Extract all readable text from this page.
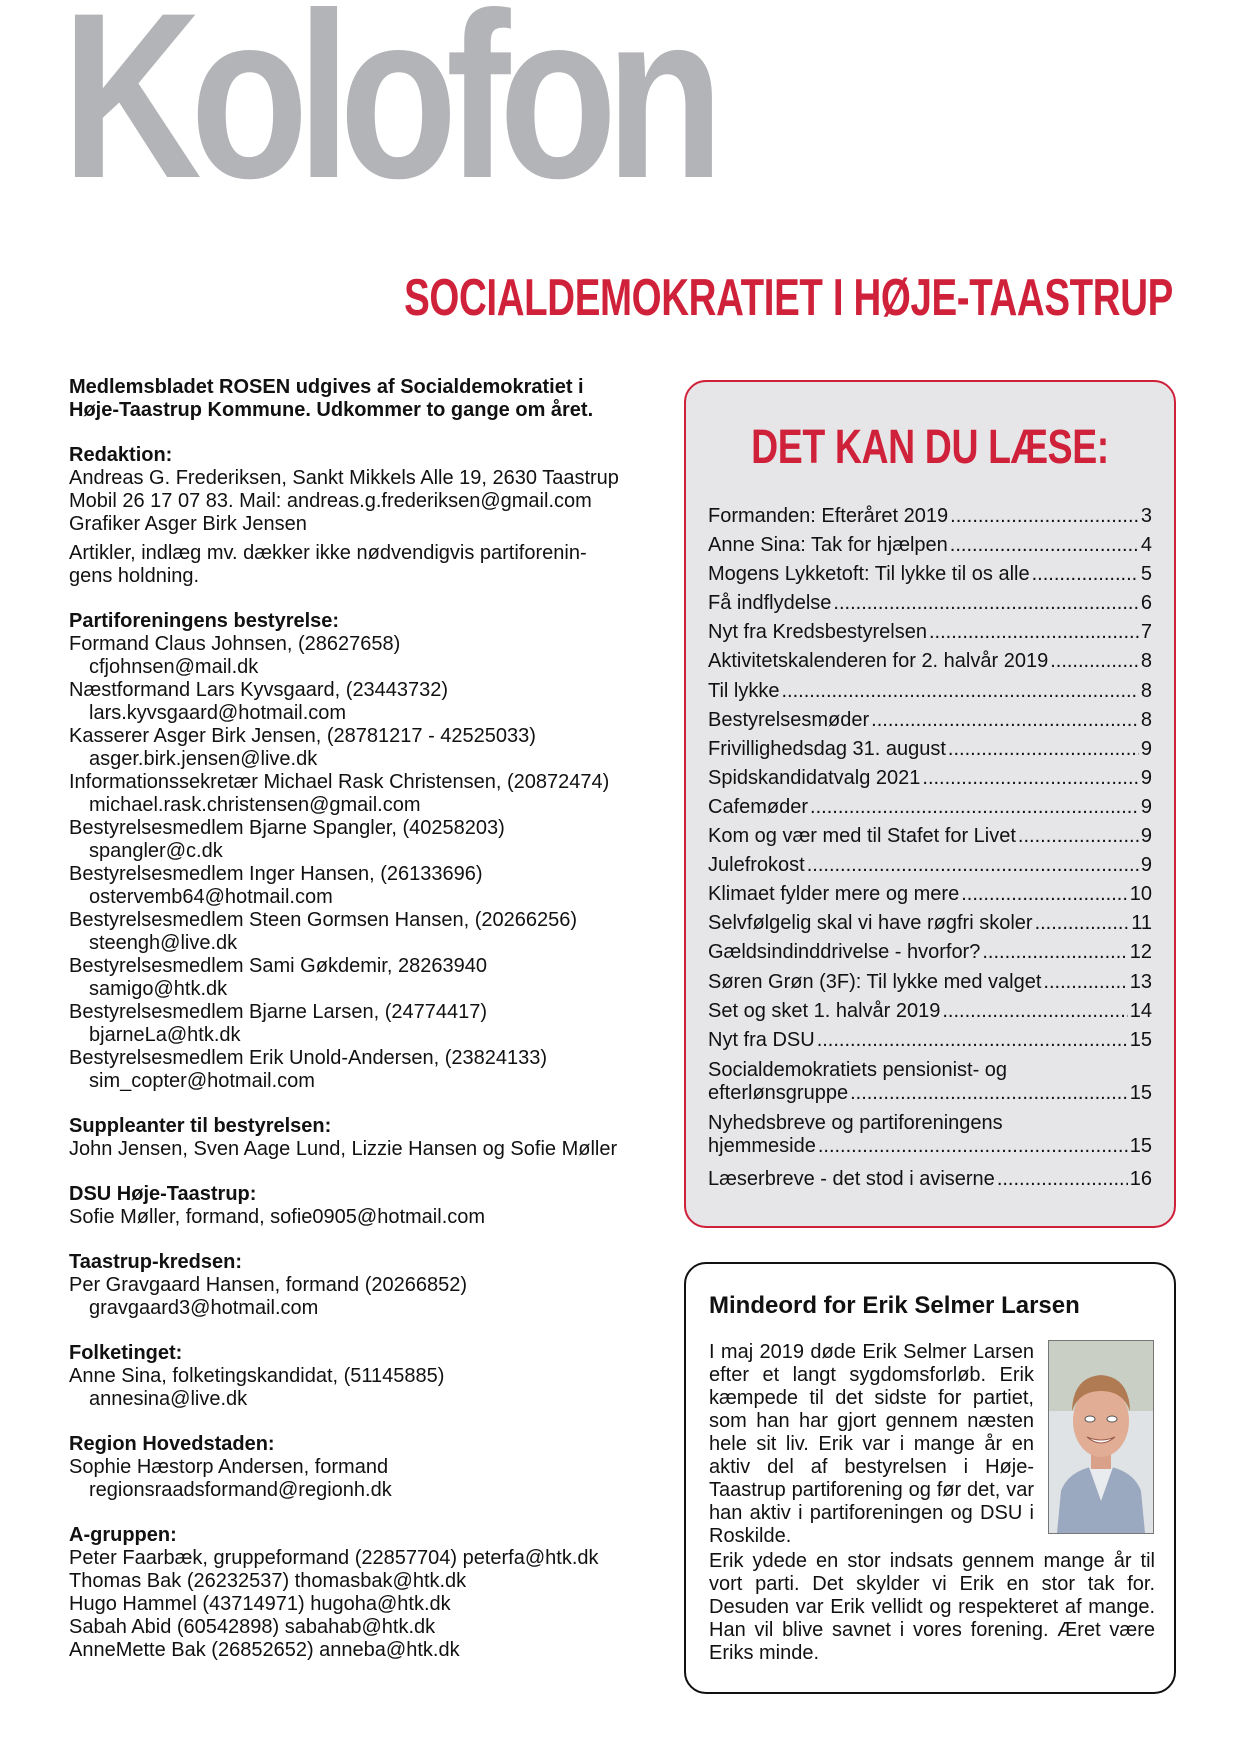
Kolofon
SOCIALDEMOKRATIET I HØJE-TAASTRUP

Medlemsbladet ROSEN udgives af Socialdemokratiet i

Høje-Taastrup Kommune. Udkommer to gange om året.

Redaktion:

Andreas G. Frederiksen, Sankt Mikkels Alle 19, 2630 Taastrup

Mobil 26 17 07 83. Mail: andreas.g.frederiksen@gmail.com

Grafiker Asger Birk Jensen

Artikler, indlæg mv. dækker ikke nødvendigvis partiforenin-

gens holdning.

Partiforeningens bestyrelse:

Formand Claus Johnsen, (28627658)

cfjohnsen@mail.dk

Næstformand Lars Kyvsgaard, (23443732)

lars.kyvsgaard@hotmail.com

Kasserer Asger Birk Jensen, (28781217 - 42525033)

asger.birk.jensen@live.dk

Informationssekretær Michael Rask Christensen, (20872474)

michael.rask.christensen@gmail.com

Bestyrelsesmedlem Bjarne Spangler, (40258203)

spangler@c.dk

Bestyrelsesmedlem Inger Hansen, (26133696)

ostervemb64@hotmail.com

Bestyrelsesmedlem Steen Gormsen Hansen, (20266256)

steengh@live.dk

Bestyrelsesmedlem Sami Gøkdemir, 28263940

samigo@htk.dk

Bestyrelsesmedlem Bjarne Larsen, (24774417)

bjarneLa@htk.dk

Bestyrelsesmedlem Erik Unold-Andersen, (23824133)

sim_copter@hotmail.com

Suppleanter til bestyrelsen:

John Jensen, Sven Aage Lund, Lizzie Hansen og Sofie Møller

DSU Høje-Taastrup:

Sofie Møller, formand, sofie0905@hotmail.com

Taastrup-kredsen:

Per Gravgaard Hansen, formand (20266852)

gravgaard3@hotmail.com

Folketinget:

Anne Sina, folketingskandidat, (51145885)

annesina@live.dk

Region Hovedstaden:

Sophie Hæstorp Andersen, formand

regionsraadsformand@regionh.dk

A-gruppen:

Peter Faarbæk, gruppeformand (22857704) peterfa@htk.dk

Thomas Bak (26232537) thomasbak@htk.dk

Hugo Hammel (43714971) hugoha@htk.dk

Sabah Abid (60542898) sabahab@htk.dk

AnneMette Bak (26852652) anneba@htk.dk

DET KAN DU LÆSE:
Formanden: Efteråret 2019 .....	3
Anne Sina: Tak for hjælpen .....	4
Mogens Lykketoft: Til lykke til os alle .....	5
Få indflydelse .....	6
Nyt fra Kredsbestyrelsen .....	7
Aktivitetskalenderen for 2. halvår 2019 .....	8
Til lykke .....	8
Bestyrelsesmøder .....	8
Frivillighedsdag 31. august .....	9
Spidskandidatvalg 2021 .....	9
Cafemøder .....	9
Kom og vær med til Stafet for Livet .....	9
Julefrokost .....	9
Klimaet fylder mere og mere .....	10
Selvfølgelig skal vi have røgfri skoler .....	11
Gældsindinddrivelse - hvorfor? .....	12
Søren Grøn (3F): Til lykke med valget .....	13
Set og sket 1. halvår 2019 .....	14
Nyt fra DSU .....	15
Socialdemokratiets pensionist- og
efterlønsgruppe .....	15
Nyhedsbreve og partiforeningens
hjemmeside .....	15
Læserbreve - det stod i aviserne .....	16
Mindeord for Erik Selmer Larsen
I maj 2019 døde Erik Selmer Larsen efter et langt sygdomsforløb. Erik kæmpede til det sidste for partiet, som han har gjort gennem næsten hele sit liv. Erik var i mange år en aktiv del af bestyrelsen i Høje-Taastrup partiforening og før det, var han aktiv i partiforeningen og DSU i Roskilde.
Erik ydede en stor indsats gennem mange år til vort parti. Det skylder vi Erik en stor tak for. Desuden var Erik vellidt og respekteret af mange. Han vil blive savnet i vores forening. Æret være Eriks minde.
